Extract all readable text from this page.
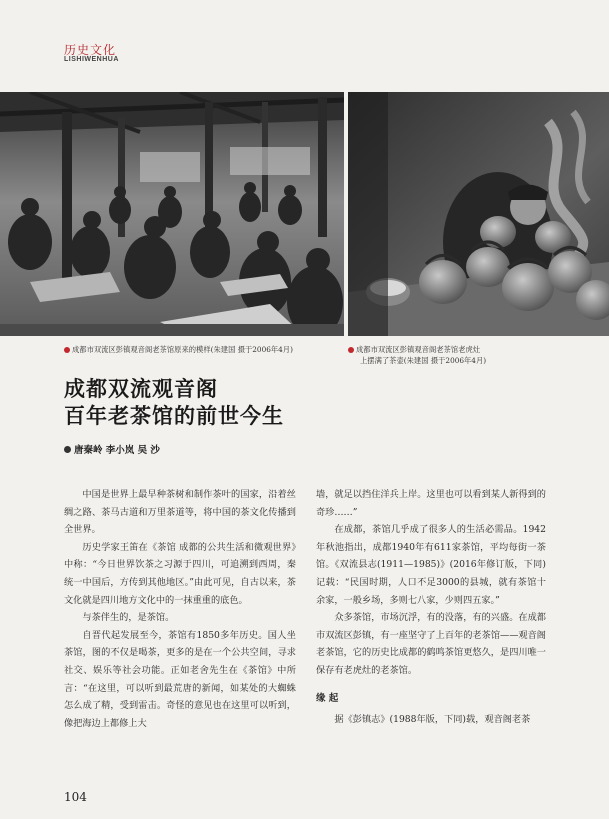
历史文化
LISHIWENHUA
成都市双流区彭镇观音阁老茶馆原来的模样(朱建国 摄于2006年4月)	成都市双流区彭镇观音阁老茶馆老虎灶
上摆满了茶壶(朱建国 摄于2006年4月)
成都双流观音阁
百年老茶馆的前世今生
唐秦岭 李小岚 吴 沙

中国是世界上最早种茶树和制作茶叶的国家，沿着丝绸之路、茶马古道和万里茶道等，将中国的茶文化传播到全世界。

历史学家王笛在《茶馆 成都的公共生活和微观世界》中称：“今日世界饮茶之习源于四川，可追溯到西周，秦统一中国后，方传到其他地区。”由此可见，自古以来，茶文化就是四川地方文化中的一抹重重的底色。

与茶伴生的，是茶馆。

自晋代起发展至今，茶馆有1850多年历史。国人坐茶馆，图的不仅是喝茶，更多的是在一个公共空间，寻求社交、娱乐等社会功能。正如老舍先生在《茶馆》中所言：“在这里，可以听到最荒唐的新闻，如某处的大蜘蛛怎么成了精，受到雷击。奇怪的意见也在这里可以听到，像把海边上都修上大

墙，就足以挡住洋兵上岸。这里也可以看到某人新得到的奇珍……”

在成都，茶馆几乎成了很多人的生活必需品。1942年秋池指出，成都1940年有611家茶馆，平均每街一茶馆。《双流县志(1911—1985)》(2016年修订版，下同)记载：“民国时期，人口不足3000的县城，就有茶馆十余家，一般乡场，多则七八家，少则四五家。”

众多茶馆，市场沉浮，有的没落，有的兴盛。在成都市双流区彭镇，有一座坚守了上百年的老茶馆——观音阁老茶馆，它的历史比成都的鹤鸣茶馆更悠久，是四川唯一保存有老虎灶的老茶馆。

缘 起

据《彭镇志》(1988年版，下同)载，观音阁老茶

104
